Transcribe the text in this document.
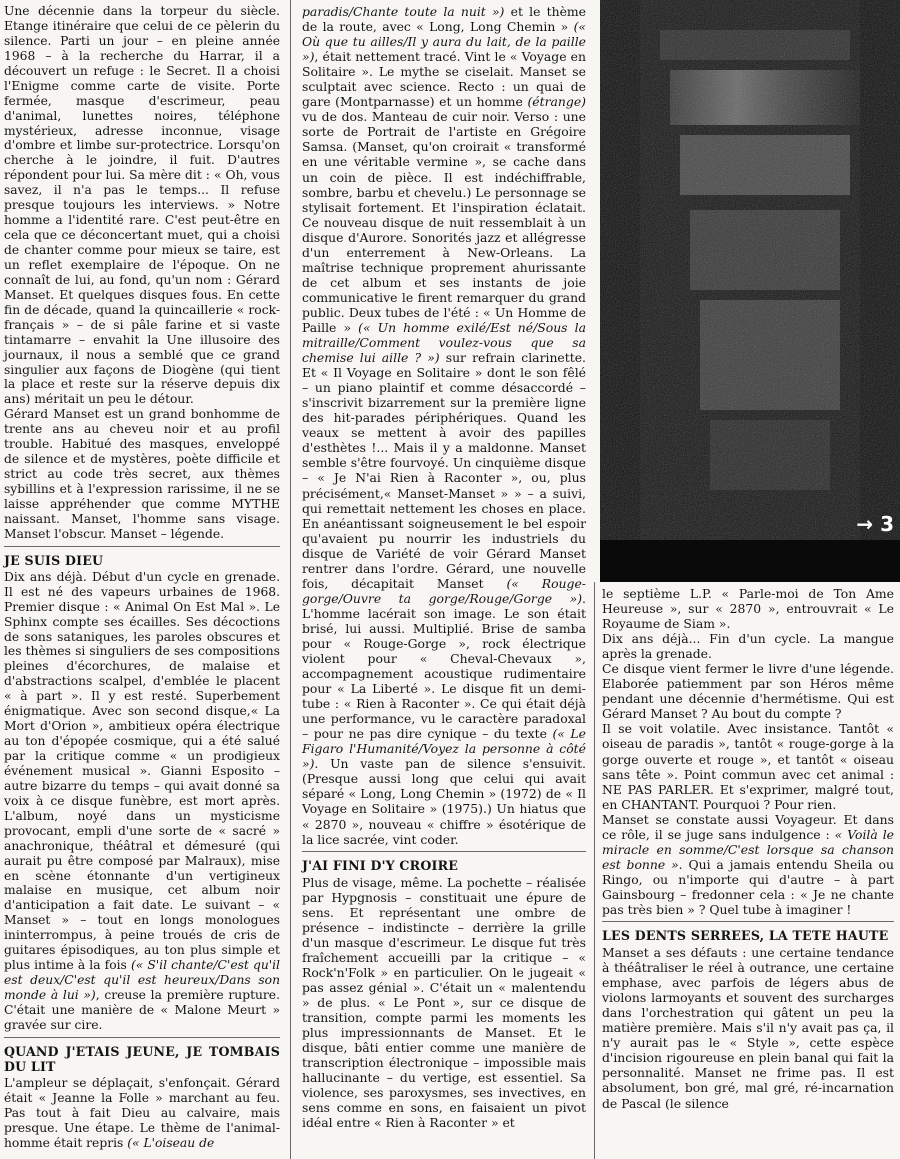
Une décennie dans la torpeur du siècle. Etange itinéraire que celui de ce pèlerin du silence. Parti un jour – en pleine année 1968 – à la recherche du Harrar, il a découvert un refuge : le Secret. Il a choisi l'Enigme comme carte de visite. Porte fermée, masque d'escrimeur, peau d'animal, lunettes noires, téléphone mystérieux, adresse inconnue, visage d'ombre et limbe sur-protectrice. Lorsqu'on cherche à le joindre, il fuit. D'autres répondent pour lui. Sa mère dit : « Oh, vous savez, il n'a pas le temps... Il refuse presque toujours les interviews. » Notre homme a l'identité rare. C'est peut-être en cela que ce déconcertant muet, qui a choisi de chanter comme pour mieux se taire, est un reflet exemplaire de l'époque. On ne connaît de lui, au fond, qu'un nom : Gérard Manset. Et quelques disques fous. En cette fin de décade, quand la quincaillerie « rock-français » – de si pâle farine et si vaste tintamarre – envahit la Une illusoire des journaux, il nous a semblé que ce grand singulier aux façons de Diogène (qui tient la place et reste sur la réserve depuis dix ans) méritait un peu le détour.

Gérard Manset est un grand bonhomme de trente ans au cheveu noir et au profil trouble. Habitué des masques, enveloppé de silence et de mystères, poète difficile et strict au code très secret, aux thèmes sybillins et à l'expression rarissime, il ne se laisse appréhender que comme MYTHE naissant. Manset, l'homme sans visage. Manset l'obscur. Manset – légende.

JE SUIS DIEU

Dix ans déjà. Début d'un cycle en grenade. Il est né des vapeurs urbaines de 1968. Premier disque : « Animal On Est Mal ». Le Sphinx compte ses écailles. Ses décoctions de sons sataniques, les paroles obscures et les thèmes si singuliers de ses compositions pleines d'écorchures, de malaise et d'abstractions scalpel, d'emblée le placent « à part ». Il y est resté. Superbement énigmatique. Avec son second disque,« La Mort d'Orion », ambitieux opéra électrique au ton d'épopée cosmique, qui a été salué par la critique comme « un prodigieux événement musical ». Gianni Esposito – autre bizarre du temps – qui avait donné sa voix à ce disque funèbre, est mort après. L'album, noyé dans un mysticisme provocant, empli d'une sorte de « sacré » anachronique, théâtral et démesuré (qui aurait pu être composé par Malraux), mise en scène étonnante d'un vertigineux malaise en musique, cet album noir d'anticipation a fait date. Le suivant – « Manset » – tout en longs monologues ininterrompus, à peine troués de cris de guitares épisodiques, au ton plus simple et plus intime à la fois (« S'il chante/C'est qu'il est deux/C'est qu'il est heureux/Dans son monde à lui »), creuse la première rupture. C'était une manière de « Malone Meurt » gravée sur cire.

QUAND J'ETAIS JEUNE, JE TOMBAIS DU LIT

L'ampleur se déplaçait, s'enfonçait. Gérard était « Jeanne la Folle » marchant au feu. Pas tout à fait Dieu au calvaire, mais presque. Une étape. Le thème de l'animal-homme était repris (« L'oiseau de

paradis/Chante toute la nuit ») et le thème de la route, avec « Long, Long Chemin » (« Où que tu ailles/Il y aura du lait, de la paille »), était nettement tracé. Vint le « Voyage en Solitaire ». Le mythe se ciselait. Manset se sculptait avec science. Recto : un quai de gare (Montparnasse) et un homme (étrange) vu de dos. Manteau de cuir noir. Verso : une sorte de Portrait de l'artiste en Grégoire Samsa. (Manset, qu'on croirait « transformé en une véritable vermine », se cache dans un coin de pièce. Il est indéchiffrable, sombre, barbu et chevelu.) Le personnage se stylisait fortement. Et l'inspiration éclatait. Ce nouveau disque de nuit ressemblait à un disque d'Aurore. Sonorités jazz et allégresse d'un enterrement à New-Orleans. La maîtrise technique proprement ahurissante de cet album et ses instants de joie communicative le firent remarquer du grand public. Deux tubes de l'été : « Un Homme de Paille » (« Un homme exilé/Est né/Sous la mitraille/Comment voulez-vous que sa chemise lui aille ? ») sur refrain clarinette. Et « Il Voyage en Solitaire » dont le son fêlé – un piano plaintif et comme désaccordé – s'inscrivit bizarrement sur la première ligne des hit-parades périphériques. Quand les veaux se mettent à avoir des papilles d'esthètes !... Mais il y a maldonne. Manset semble s'être fourvoyé. Un cinquième disque – « Je N'ai Rien à Raconter », ou, plus précisément,« Manset-Manset » » – a suivi, qui remettait nettement les choses en place. En anéantissant soigneusement le bel espoir qu'avaient pu nourrir les industriels du disque de Variété de voir Gérard Manset rentrer dans l'ordre. Gérard, une nouvelle fois, décapitait Manset (« Rouge-gorge/Ouvre ta gorge/Rouge/Gorge »). L'homme lacérait son image. Le son était brisé, lui aussi. Multiplié. Brise de samba pour « Rouge-Gorge », rock électrique violent pour « Cheval-Chevaux », accompagnement acoustique rudimentaire pour « La Liberté ». Le disque fit un demi-tube : « Rien à Raconter ». Ce qui était déjà une performance, vu le caractère paradoxal – pour ne pas dire cynique – du texte (« Le Figaro l'Humanité/Voyez la personne à côté »). Un vaste pan de silence s'ensuivit. (Presque aussi long que celui qui avait séparé « Long, Long Chemin » (1972) de « Il Voyage en Solitaire » (1975).) Un hiatus que « 2870 », nouveau « chiffre » ésotérique de la lice sacrée, vint coder.

J'AI FINI D'Y CROIRE

Plus de visage, même. La pochette – réalisée par Hypgnosis – constituait une épure de sens. Et représentant une ombre de présence – indistincte – derrière la grille d'un masque d'escrimeur. Le disque fut très fraîchement accueilli par la critique – « Rock'n'Folk » en particulier. On le jugeait « pas assez génial ». C'était un « malentendu » de plus. « Le Pont », sur ce disque de transition, compte parmi les moments les plus impressionnants de Manset. Et le disque, bâti entier comme une manière de transcription électronique – impossible mais hallucinante – du vertige, est essentiel. Sa violence, ses paroxysmes, ses invectives, en sens comme en sons, en faisaient un pivot idéal entre « Rien à Raconter » et

→ 3

le septième L.P. « Parle-moi de Ton Ame Heureuse », sur « 2870 », entrouvrait « Le Royaume de Siam ».

Dix ans déjà... Fin d'un cycle. La mangue après la grenade.

Ce disque vient fermer le livre d'une légende. Elaborée patiemment par son Héros même pendant une décennie d'hermétisme. Qui est Gérard Manset ? Au bout du compte ?

Il se voit volatile. Avec insistance. Tantôt « oiseau de paradis », tantôt « rouge-gorge à la gorge ouverte et rouge », et tantôt « oiseau sans tête ». Point commun avec cet animal : NE PAS PARLER. Et s'exprimer, malgré tout, en CHANTANT. Pourquoi ? Pour rien.

Manset se constate aussi Voyageur. Et dans ce rôle, il se juge sans indulgence : « Voilà le miracle en somme/C'est lorsque sa chanson est bonne ». Qui a jamais entendu Sheila ou Ringo, ou n'importe qui d'autre – à part Gainsbourg – fredonner cela : « Je ne chante pas très bien » ? Quel tube à imaginer !

LES DENTS SERREES, LA TETE HAUTE

Manset a ses défauts : une certaine tendance à théâtraliser le réel à outrance, une certaine emphase, avec parfois de légers abus de violons larmoyants et souvent des surcharges dans l'orchestration qui gâtent un peu la matière première. Mais s'il n'y avait pas ça, il n'y aurait pas le « Style », cette espèce d'incision rigoureuse en plein banal qui fait la personnalité. Manset ne frime pas. Il est absolument, bon gré, mal gré, ré-incarnation de Pascal (le silence
